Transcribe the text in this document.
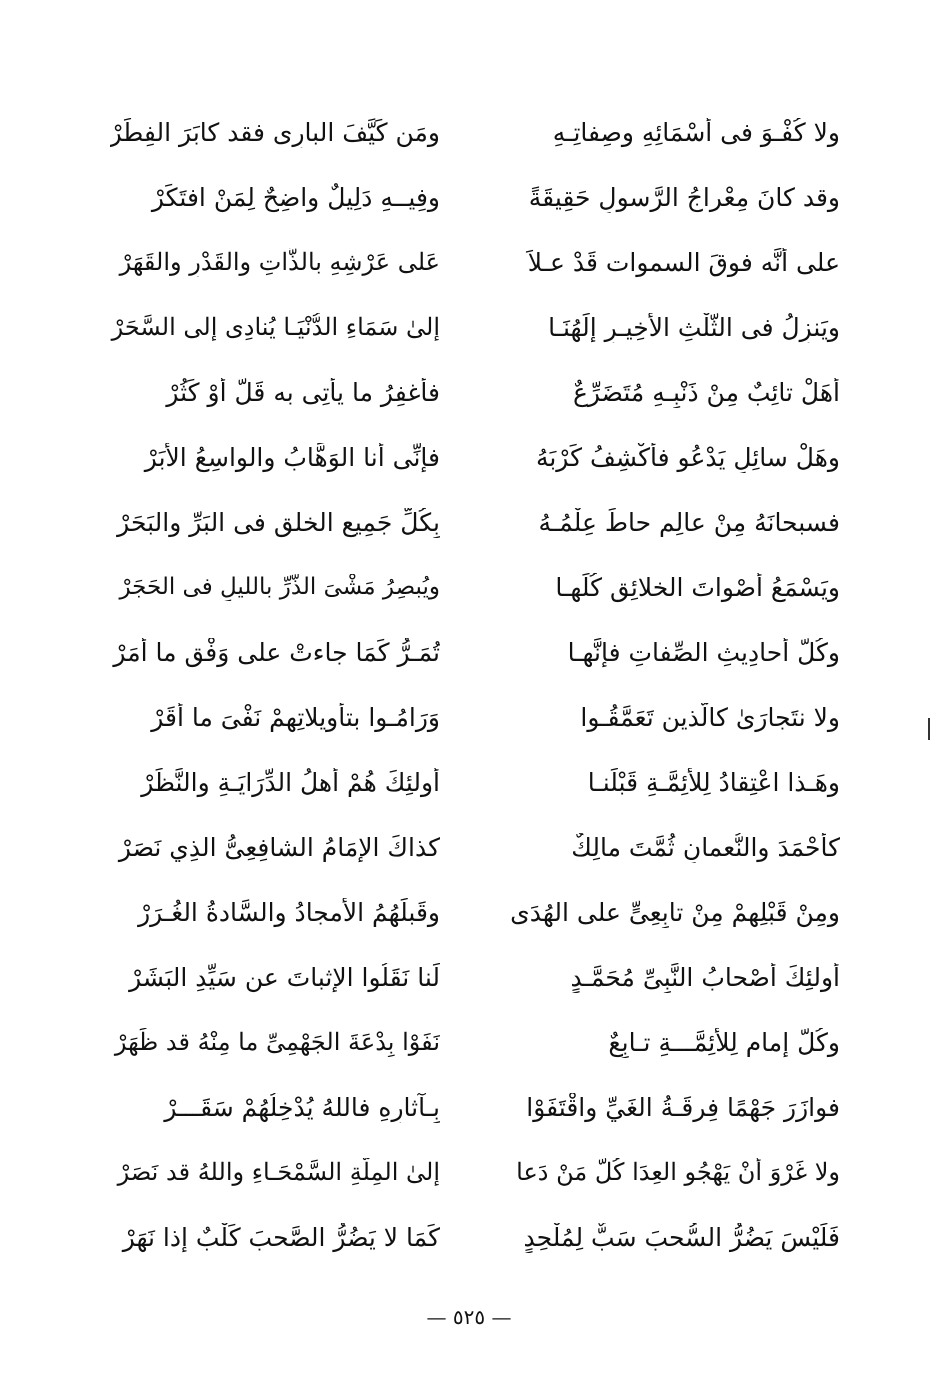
ولا كُفْـوَ فى أسْمَائِهِ وصِفاتِـهِ
ومَن كَيَّفَ البارِى فقد كابَرَ الفِطَرْ
وقد كانَ مِعْراجُ الرَّسولِ حَقِيقَةً
وفِيــهِ دَلِيلٌ واضِحٌ لِمَنْ افتَكَرْ
على أنَّه فوقَ السموات قَدْ عـلاَ
عَلى عَرْشِهِ بالذَّاتِ والقَدْرِ والقَهَرْ
ويَنزِلُ فى الثُّلْثِ الأخِيـرِ إلَهُنَـا
إلىٰ سَمَاءِ الدُّنْيَـا يُنادِى إلى السَّحَرْ
أهَلْ تائِبٌ مِنْ ذَنْبِـهِ مُتَضَرِّعٌ
فأغفِرُ ما يأتِى به قَلَّ أوْ كَثُرْ
وهَلْ سائِلٍ يَدْعُو فأكْشِفُ كَرْبَهُ
فإنِّى أنا الوَهَّابُ والواسِعُ الأبَرْ
فسبحانَهُ مِنْ عالِمٍ حاطَ عِلْمُـهُ
بِكُلِّ جَمِيعِ الخلقِ فى البَرِّ والبَحَرْ
ويَسْمَعُ أصْواتَ الخلائِقِ كُلِّهـا
ويُبصِرُ مَشْىَ الذَّرِّ بالليلِ فى الحَجَرْ
وكُلُّ أحادِيثِ الصِّفاتِ فإنَّهـا
تُمَـرُّ كَمَا جاءتْ على وَفْقِ ما أمَرْ
ولا نتَجارَىٰ كالَّذين تَعَمَّقُـوا
وَرَامُـوا بتأويلاتِهِمْ نَفْىَ ما أقَرْ
وهَـذا اعْتِقادُ لِلأئِمَّـةِ قَبْلَنـا
أولئِكَ هُمْ أهلُ الدِّرَايَـةِ والنَّظَرْ
كأحْمَدَ والنُّعمانِ ثُمَّتَ مالِكٌ
كذاكَ الإمَامُ الشافِعِىُّ الذِي نَصَرْ
ومِنْ قَبْلِهِمْ مِنْ تابِعِىٍّ على الهُدَى
وقَبلَهُمُ الأمجادُ والسَّادةُ الغُـرَرْ
أولئِكَ أصْحابُ النَّبِىِّ مُحَمَّـدٍ
لَنا نَقَلُوا الإثباتَ عن سَيِّدِ البَشَرْ
وكُلُّ إمامٍ لِلأئِمَّـــةِ تـابِعٌ
نَفَوْا بِدْعَةَ الجَهْمِىِّ ما مِنْهُ قد ظَهَرْ
فوازَرَ جَهْمًا فِرقَـةُ الغَيِّ واقْتَفَوْا
بِـآثارِهِ فاللهُ يُدْخِلُهُمْ سَقَـــرْ
ولا غَرْوَ أنْ يَهْجُو العِدَا كُلُّ مَنْ دَعا
إلىٰ المِلَّةِ السَّمْحَـاءِ واللهُ قد نَصَرْ
فَلَيْسَ يَضُرُّ السُّحبَ سَبٌّ لِمُلْحِدٍ
كَمَا لا يَضُرُّ الصَّحبَ كَلْبٌ إذا نَهَرْ
— ٥٢٥ —
